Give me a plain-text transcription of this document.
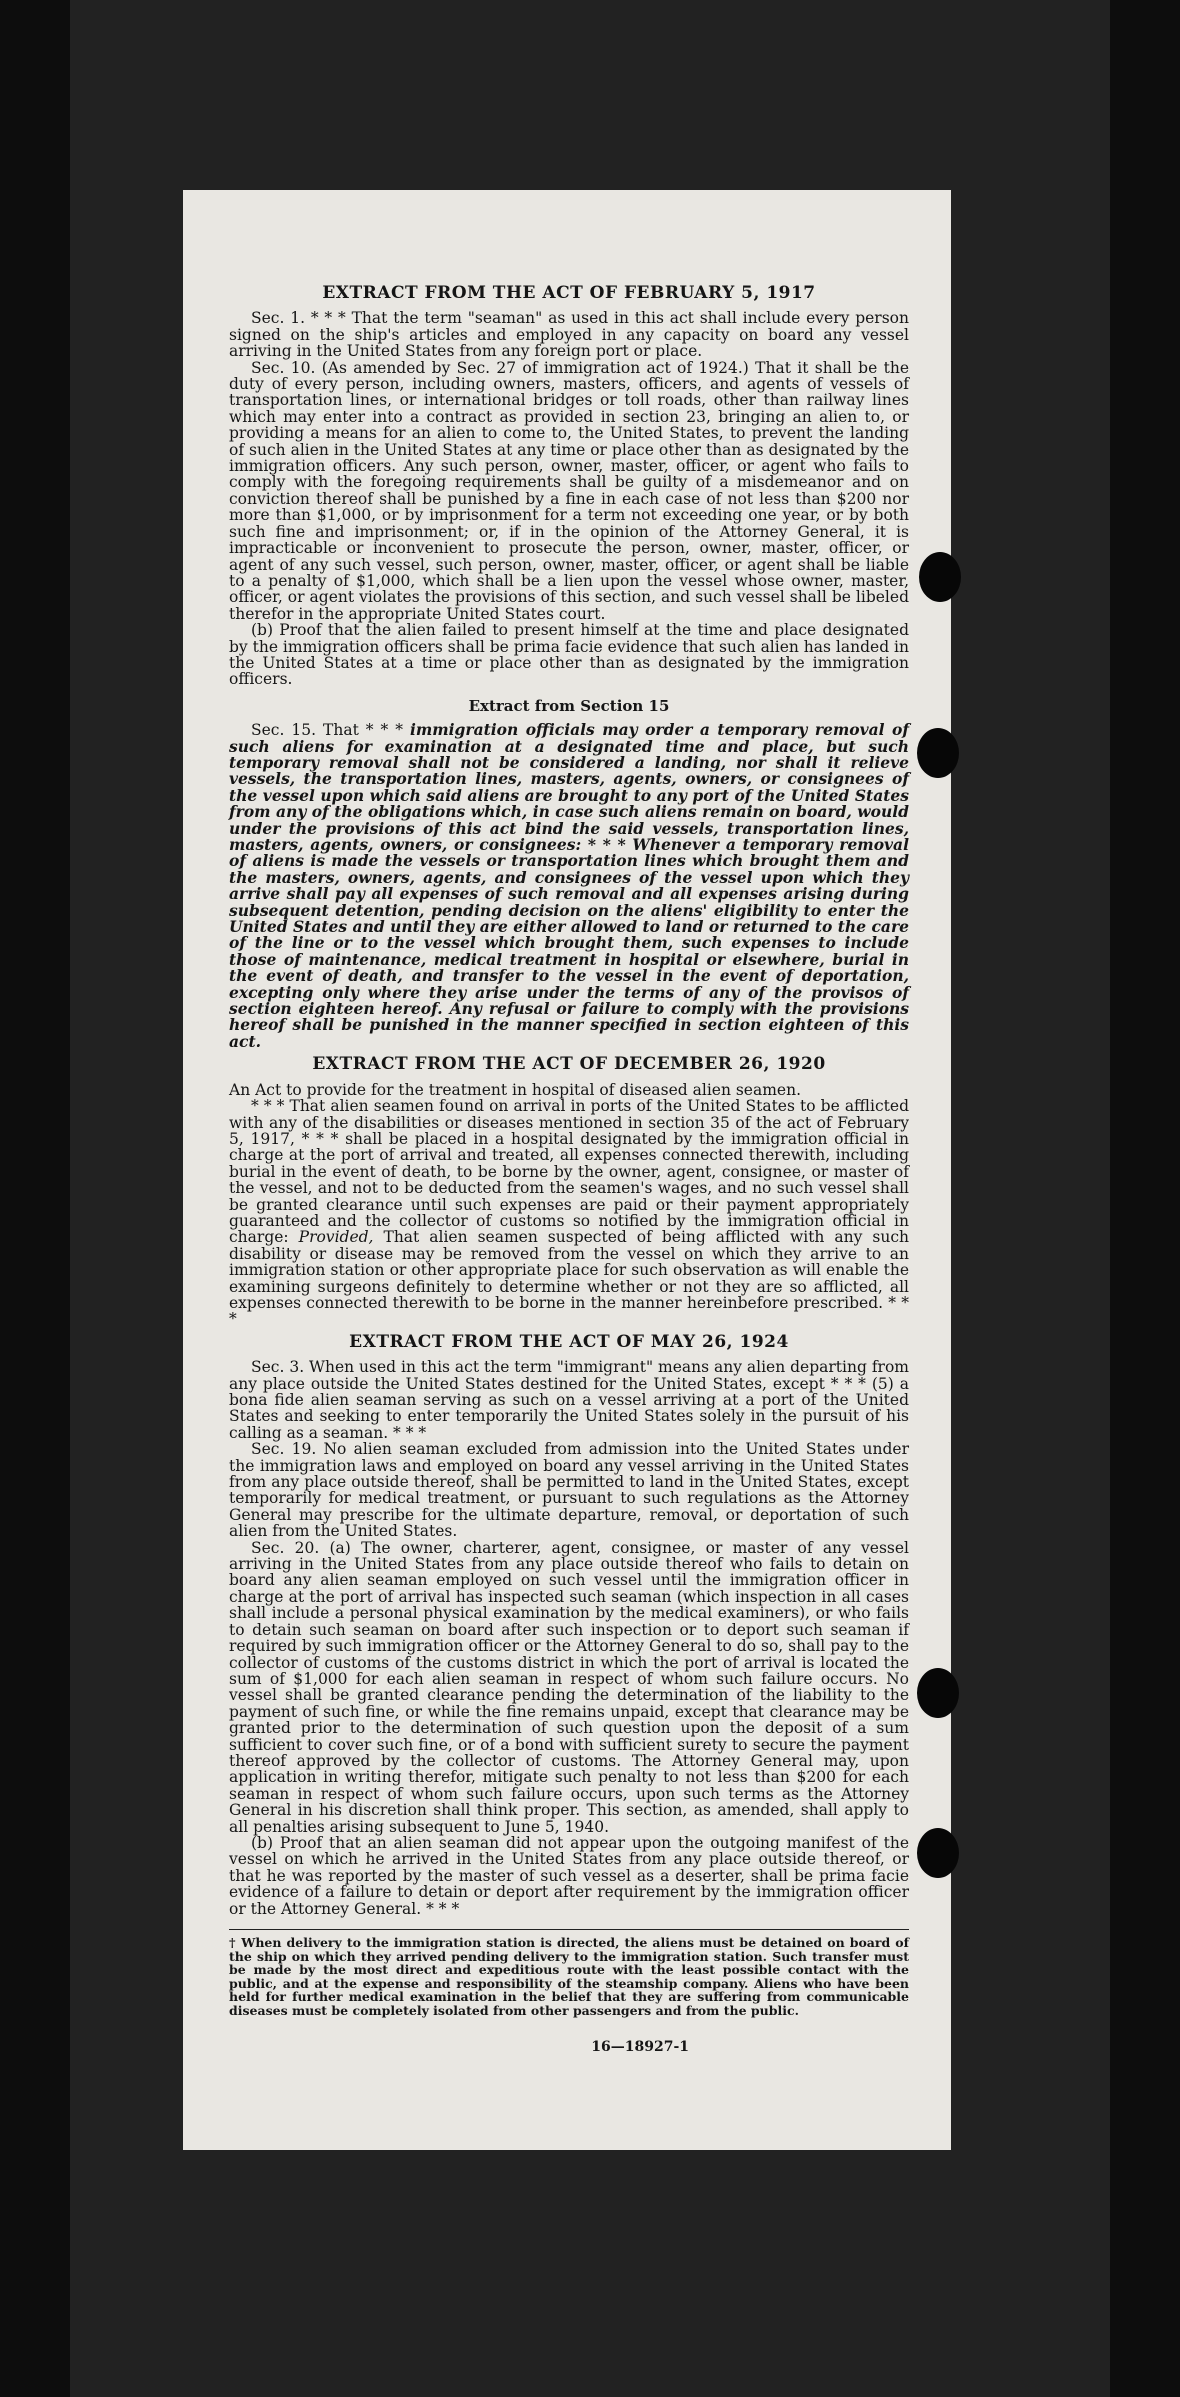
EXTRACT FROM THE ACT OF FEBRUARY 5, 1917

Sec. 1. * * * That the term "seaman" as used in this act shall include every person signed on the ship's articles and employed in any capacity on board any vessel arriving in the United States from any foreign port or place.

Sec. 10. (As amended by Sec. 27 of immigration act of 1924.) That it shall be the duty of every person, including owners, masters, officers, and agents of vessels of transportation lines, or international bridges or toll roads, other than railway lines which may enter into a contract as provided in section 23, bringing an alien to, or providing a means for an alien to come to, the United States, to prevent the landing of such alien in the United States at any time or place other than as designated by the immigration officers. Any such person, owner, master, officer, or agent who fails to comply with the foregoing requirements shall be guilty of a misdemeanor and on conviction thereof shall be punished by a fine in each case of not less than $200 nor more than $1,000, or by imprisonment for a term not exceeding one year, or by both such fine and imprisonment; or, if in the opinion of the Attorney General, it is impracticable or inconvenient to prosecute the person, owner, master, officer, or agent of any such vessel, such person, owner, master, officer, or agent shall be liable to a penalty of $1,000, which shall be a lien upon the vessel whose owner, master, officer, or agent violates the provisions of this section, and such vessel shall be libeled therefor in the appropriate United States court.

(b) Proof that the alien failed to present himself at the time and place designated by the immigration officers shall be prima facie evidence that such alien has landed in the United States at a time or place other than as designated by the immigration officers.

Extract from Section 15

Sec. 15. That * * * immigration officials may order a temporary removal of such aliens for examination at a designated time and place, but such temporary removal shall not be considered a landing, nor shall it relieve vessels, the transportation lines, masters, agents, owners, or consignees of the vessel upon which said aliens are brought to any port of the United States from any of the obligations which, in case such aliens remain on board, would under the provisions of this act bind the said vessels, transportation lines, masters, agents, owners, or consignees: * * * Whenever a temporary removal of aliens is made the vessels or transportation lines which brought them and the masters, owners, agents, and consignees of the vessel upon which they arrive shall pay all expenses of such removal and all expenses arising during subsequent detention, pending decision on the aliens' eligibility to enter the United States and until they are either allowed to land or returned to the care of the line or to the vessel which brought them, such expenses to include those of maintenance, medical treatment in hospital or elsewhere, burial in the event of death, and transfer to the vessel in the event of deportation, excepting only where they arise under the terms of any of the provisos of section eighteen hereof. Any refusal or failure to comply with the provisions hereof shall be punished in the manner specified in section eighteen of this act.

EXTRACT FROM THE ACT OF DECEMBER 26, 1920

An Act to provide for the treatment in hospital of diseased alien seamen.

* * * That alien seamen found on arrival in ports of the United States to be afflicted with any of the disabilities or diseases mentioned in section 35 of the act of February 5, 1917, * * * shall be placed in a hospital designated by the immigration official in charge at the port of arrival and treated, all expenses connected therewith, including burial in the event of death, to be borne by the owner, agent, consignee, or master of the vessel, and not to be deducted from the seamen's wages, and no such vessel shall be granted clearance until such expenses are paid or their payment appropriately guaranteed and the collector of customs so notified by the immigration official in charge: Provided, That alien seamen suspected of being afflicted with any such disability or disease may be removed from the vessel on which they arrive to an immigration station or other appropriate place for such observation as will enable the examining surgeons definitely to determine whether or not they are so afflicted, all expenses connected therewith to be borne in the manner hereinbefore prescribed. * * *

EXTRACT FROM THE ACT OF MAY 26, 1924

Sec. 3. When used in this act the term "immigrant" means any alien departing from any place outside the United States destined for the United States, except * * * (5) a bona fide alien seaman serving as such on a vessel arriving at a port of the United States and seeking to enter temporarily the United States solely in the pursuit of his calling as a seaman. * * *

Sec. 19. No alien seaman excluded from admission into the United States under the immigration laws and employed on board any vessel arriving in the United States from any place outside thereof, shall be permitted to land in the United States, except temporarily for medical treatment, or pursuant to such regulations as the Attorney General may prescribe for the ultimate departure, removal, or deportation of such alien from the United States.

Sec. 20. (a) The owner, charterer, agent, consignee, or master of any vessel arriving in the United States from any place outside thereof who fails to detain on board any alien seaman employed on such vessel until the immigration officer in charge at the port of arrival has inspected such seaman (which inspection in all cases shall include a personal physical examination by the medical examiners), or who fails to detain such seaman on board after such inspection or to deport such seaman if required by such immigration officer or the Attorney General to do so, shall pay to the collector of customs of the customs district in which the port of arrival is located the sum of $1,000 for each alien seaman in respect of whom such failure occurs. No vessel shall be granted clearance pending the determination of the liability to the payment of such fine, or while the fine remains unpaid, except that clearance may be granted prior to the determination of such question upon the deposit of a sum sufficient to cover such fine, or of a bond with sufficient surety to secure the payment thereof approved by the collector of customs. The Attorney General may, upon application in writing therefor, mitigate such penalty to not less than $200 for each seaman in respect of whom such failure occurs, upon such terms as the Attorney General in his discretion shall think proper. This section, as amended, shall apply to all penalties arising subsequent to June 5, 1940.

(b) Proof that an alien seaman did not appear upon the outgoing manifest of the vessel on which he arrived in the United States from any place outside thereof, or that he was reported by the master of such vessel as a deserter, shall be prima facie evidence of a failure to detain or deport after requirement by the immigration officer or the Attorney General. * * *

† When delivery to the immigration station is directed, the aliens must be detained on board of the ship on which they arrived pending delivery to the immigration station. Such transfer must be made by the most direct and expeditious route with the least possible contact with the public, and at the expense and responsibility of the steamship company. Aliens who have been held for further medical examination in the belief that they are suffering from communicable diseases must be completely isolated from other passengers and from the public.
16—18927-1
